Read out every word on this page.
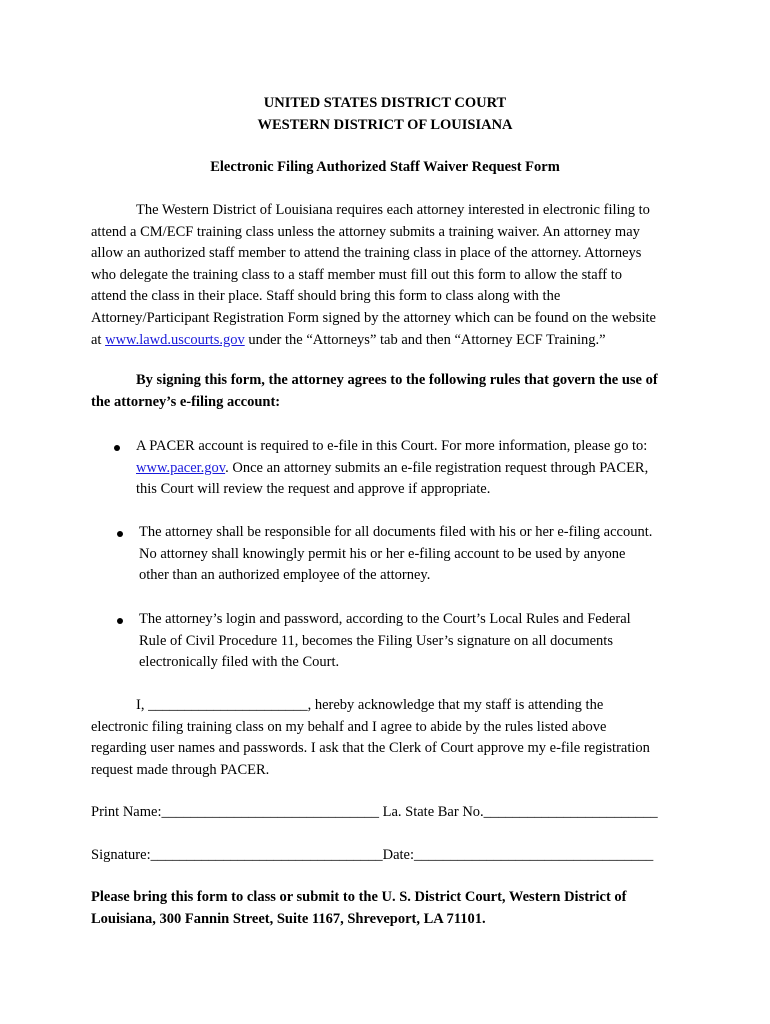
UNITED STATES DISTRICT COURT
WESTERN DISTRICT OF LOUISIANA
Electronic Filing Authorized Staff Waiver Request Form
The Western District of Louisiana requires each attorney interested in electronic filing to
attend a CM/ECF training class unless the attorney submits a training waiver. An attorney may
allow an authorized staff member to attend the training class in place of the attorney. Attorneys
who delegate the training class to a staff member must fill out this form to allow the staff to
attend the class in their place. Staff should bring this form to class along with the
Attorney/Participant Registration Form signed by the attorney which can be found on the website
at www.lawd.uscourts.gov under the “Attorneys” tab and then “Attorney ECF Training.”
By signing this form, the attorney agrees to the following rules that govern the use of
the attorney’s e-filing account:
A PACER account is required to e-file in this Court. For more information, please go to:
www.pacer.gov. Once an attorney submits an e-file registration request through PACER,
this Court will review the request and approve if appropriate.
The attorney shall be responsible for all documents filed with his or her e-filing account.
No attorney shall knowingly permit his or her e-filing account to be used by anyone
other than an authorized employee of the attorney.
The attorney’s login and password, according to the Court’s Local Rules and Federal
Rule of Civil Procedure 11, becomes the Filing User’s signature on all documents
electronically filed with the Court.
I, ______________________, hereby acknowledge that my staff is attending the
electronic filing training class on my behalf and I agree to abide by the rules listed above
regarding user names and passwords. I ask that the Clerk of Court approve my e-file registration
request made through PACER.
Print Name:______________________________ La. State Bar No.________________________
Signature:________________________________Date:_________________________________
Please bring this form to class or submit to the U. S. District Court, Western District of
Louisiana, 300 Fannin Street, Suite 1167, Shreveport, LA 71101.
